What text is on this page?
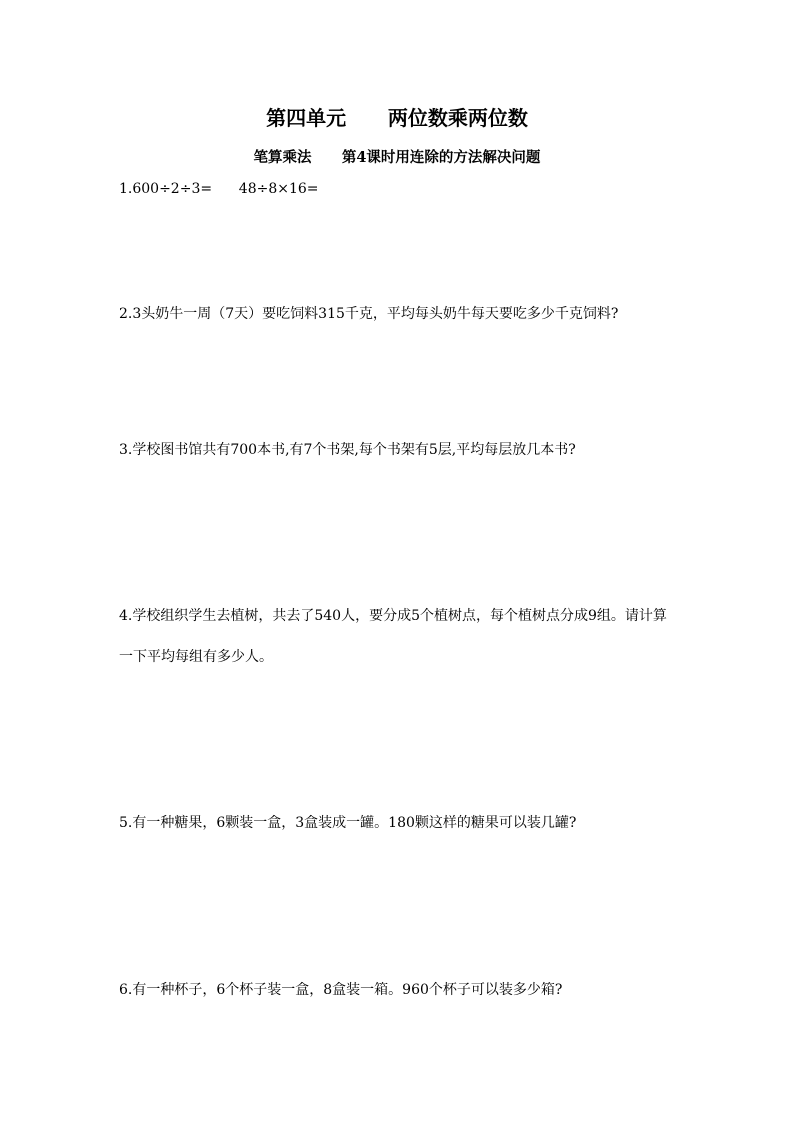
第四单元      两位数乘两位数
笔算乘法      第4课时用连除的方法解决问题

1.600÷2÷3=      48÷8×16=

2.3头奶牛一周（7天）要吃饲料315千克，平均每头奶牛每天要吃多少千克饲料?

3.学校图书馆共有700本书,有7个书架,每个书架有5层,平均每层放几本书?

4.学校组织学生去植树，共去了540人，要分成5个植树点，每个植树点分成9组。请计算一下平均每组有多少人。

5.有一种糖果，6颗装一盒，3盒装成一罐。180颗这样的糖果可以装几罐?

6.有一种杯子，6个杯子装一盒，8盒装一箱。960个杯子可以装多少箱?
